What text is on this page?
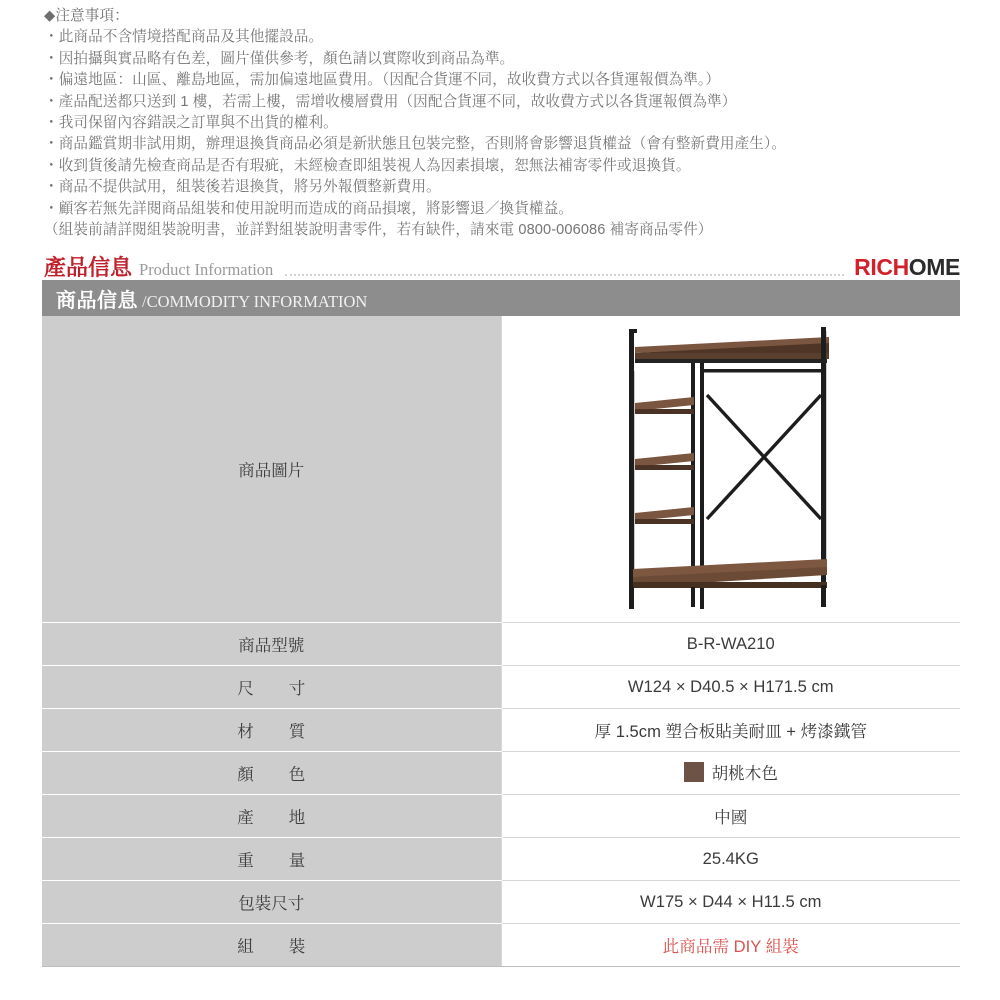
◆注意事項：
・此商品不含情境搭配商品及其他擺設品。
・因拍攝與實品略有色差，圖片僅供參考，顏色請以實際收到商品為準。
・偏遠地區：山區、離島地區，需加偏遠地區費用。（因配合貨運不同，故收費方式以各貨運報價為準。）
・產品配送都只送到 1 樓，若需上樓，需增收樓層費用（因配合貨運不同，故收費方式以各貨運報價為準）
・我司保留內容錯誤之訂單與不出貨的權利。
・商品鑑賞期非試用期，辦理退換貨商品必須是新狀態且包裝完整，否則將會影響退貨權益（會有整新費用產生）。
・收到貨後請先檢查商品是否有瑕疵，未經檢查即組裝視人為因素損壞，恕無法補寄零件或退換貨。
・商品不提供試用，組裝後若退換貨，將另外報價整新費用。
・顧客若無先詳閱商品組裝和使用說明而造成的商品損壞，將影響退／換貨權益。
（組裝前請詳閱組裝說明書，並詳對組裝說明書零件，若有缺件，請來電 0800-006086 補寄商品零件）
產品信息 Product Information	RICHOME
商品信息 /COMMODITY INFORMATION	
商品圖片	

商品型號	B-R-WA210

尺 寸	W124 × D40.5 × H171.5 cm

材 質	厚 1.5cm 塑合板貼美耐皿 + 烤漆鐵管

顏 色	胡桃木色

產 地	中國

重 量	25.4KG
包裝尺寸	W175 × D44 × H11.5 cm

組 裝	此商品需 DIY 組裝
